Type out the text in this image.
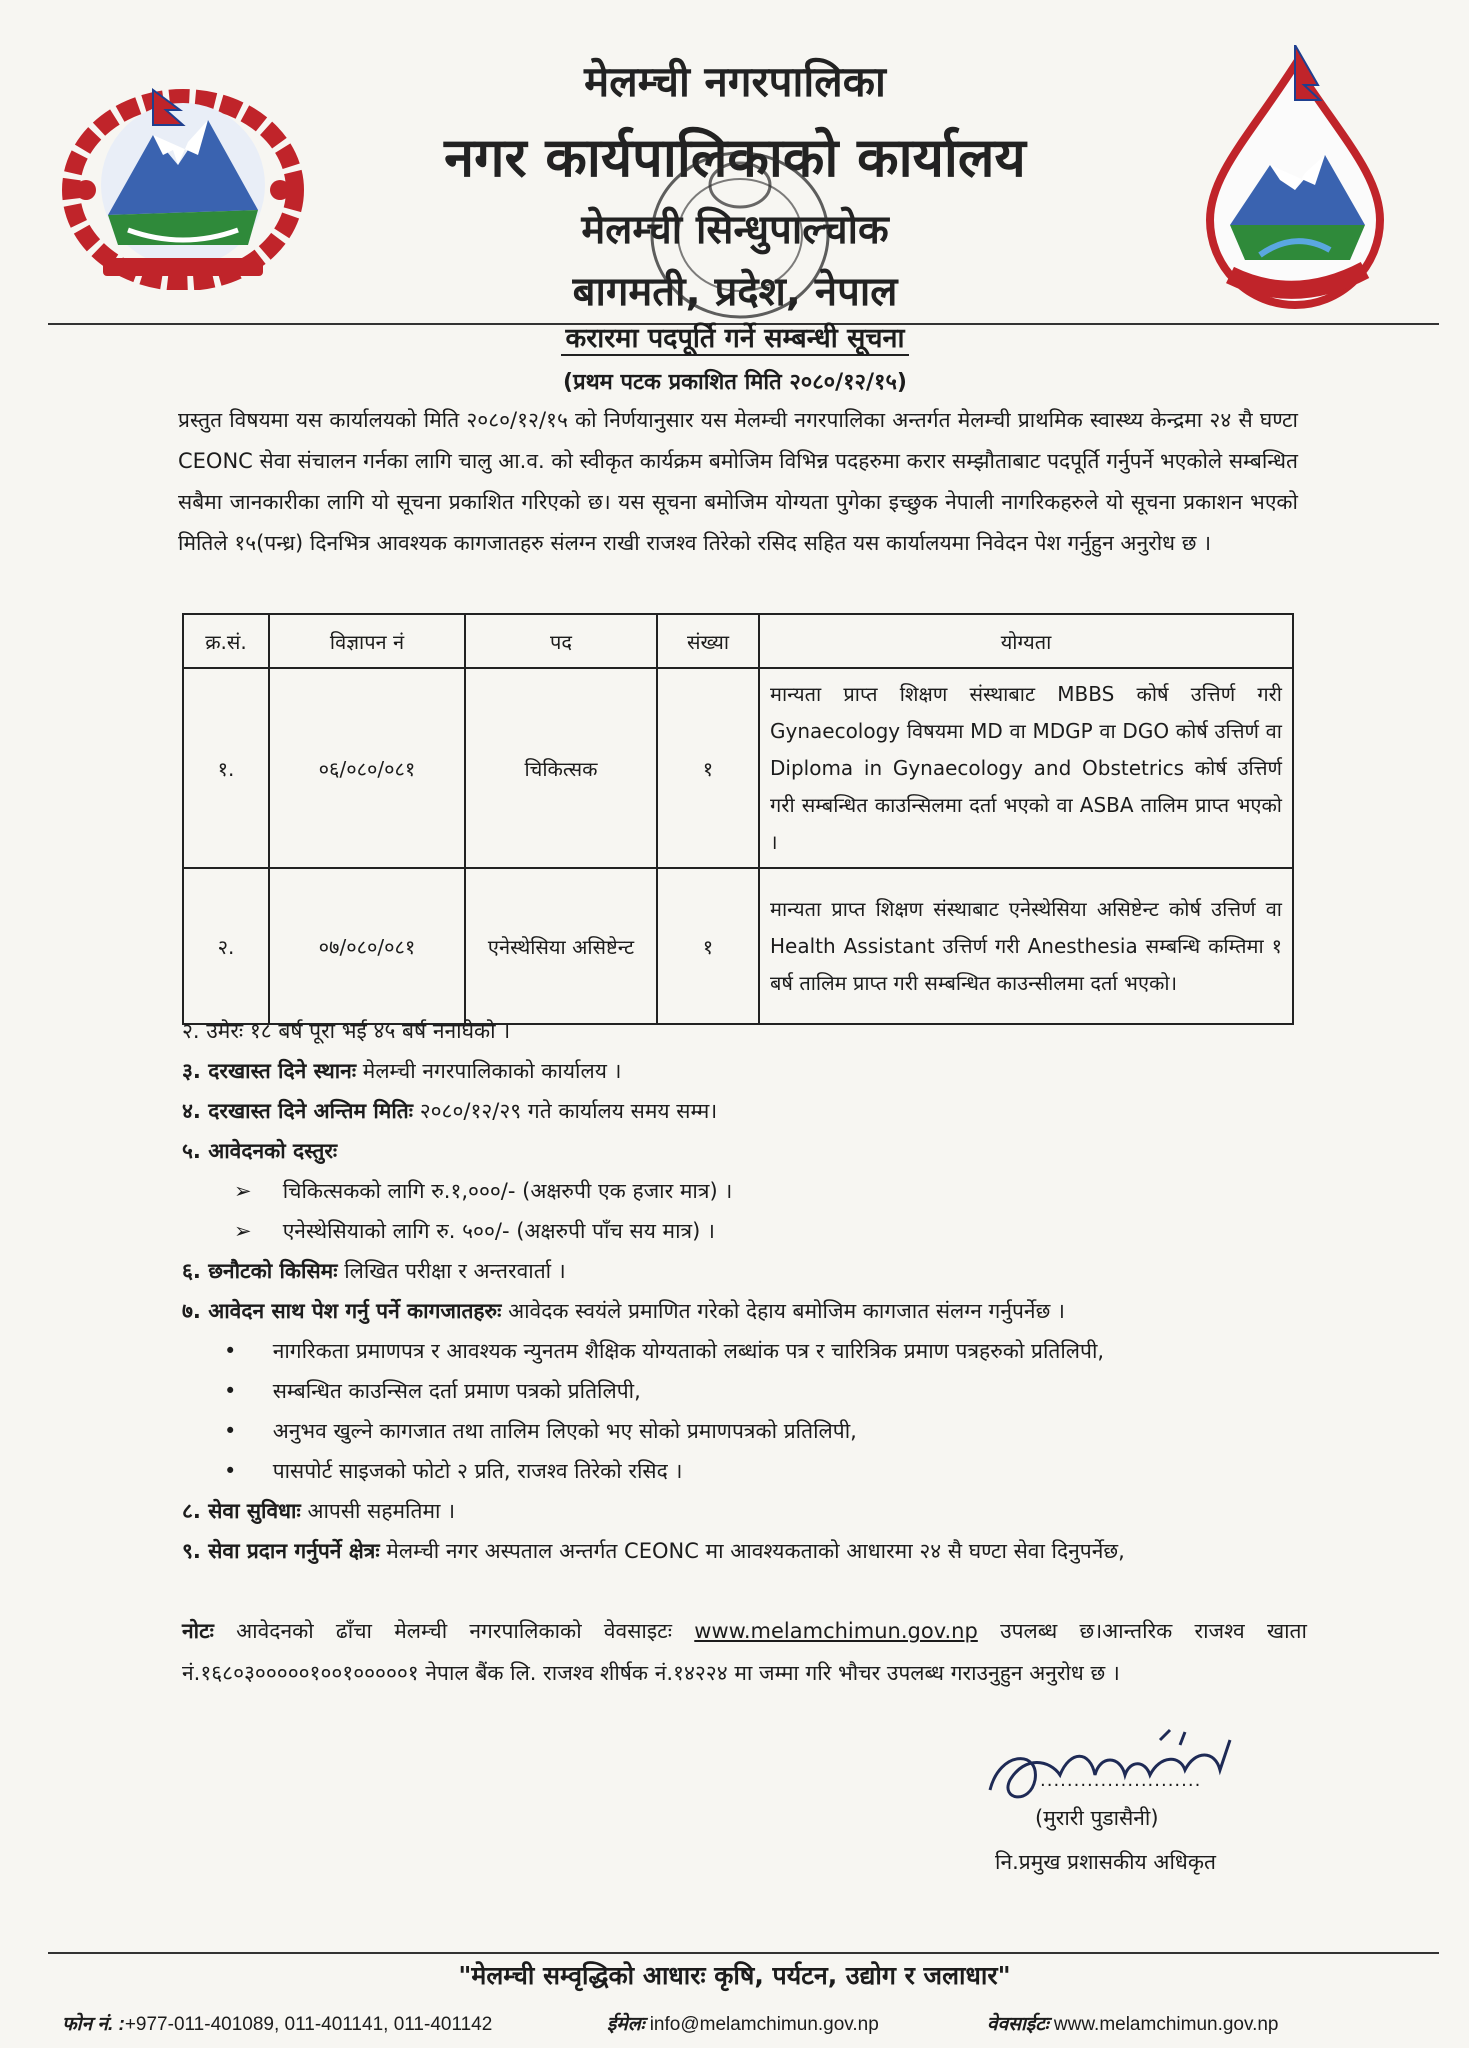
मेलम्ची नगरपालिका
नगर कार्यपालिकाको कार्यालय
मेलम्ची सिन्धुपाल्चोक
बागमती, प्रदेश, नेपाल
करारमा पदपूर्ति गर्ने सम्बन्धी सूचना
(प्रथम पटक प्रकाशित मिति २०८०/१२/१५)
प्रस्तुत विषयमा यस कार्यालयको मिति २०८०/१२/१५ को निर्णयानुसार यस मेलम्ची नगरपालिका अन्तर्गत मेलम्ची प्राथमिक स्वास्थ्य केन्द्रमा २४ सै घण्टा CEONC सेवा संचालन गर्नका लागि चालु आ.व. को स्वीकृत कार्यक्रम बमोजिम विभिन्न पदहरुमा करार सम्झौताबाट पदपूर्ति गर्नुपर्ने भएकोले सम्बन्धित सबैमा जानकारीका लागि यो सूचना प्रकाशित गरिएको छ। यस सूचना बमोजिम योग्यता पुगेका इच्छुक नेपाली नागरिकहरुले यो सूचना प्रकाशन भएको मितिले १५(पन्ध्र) दिनभित्र आवश्यक कागजातहरु संलग्न राखी राजश्व तिरेको रसिद सहित यस कार्यालयमा निवेदन पेश गर्नुहुन अनुरोध छ ।
क्र.सं.	विज्ञापन नं	पद	संख्या	योग्यता
१.	०६/०८०/०८१	चिकित्सक	१	मान्यता प्राप्त शिक्षण संस्थाबाट MBBS कोर्ष उत्तिर्ण गरी Gynaecology विषयमा MD वा MDGP वा DGO कोर्ष उत्तिर्ण वा Diploma in Gynaecology and Obstetrics कोर्ष उत्तिर्ण गरी सम्बन्धित काउन्सिलमा दर्ता भएको वा ASBA तालिम प्राप्त भएको ।
२.	०७/०८०/०८१	एनेस्थेसिया असिष्टेन्ट	१	मान्यता प्राप्त शिक्षण संस्थाबाट एनेस्थेसिया असिष्टेन्ट कोर्ष उत्तिर्ण वा Health Assistant उत्तिर्ण गरी Anesthesia सम्बन्धि कम्तिमा १ बर्ष तालिम प्राप्त गरी सम्बन्धित काउन्सीलमा दर्ता भएको।
२. उमेरः १८ बर्ष पूरा भई ४५ बर्ष ननाघेको ।
३. दरखास्त दिने स्थानः मेलम्ची नगरपालिकाको कार्यालय ।
४. दरखास्त दिने अन्तिम मितिः २०८०/१२/२९ गते कार्यालय समय सम्म।
५. आवेदनको दस्तुरः
➢ चिकित्सकको लागि रु.१,०००/- (अक्षरुपी एक हजार मात्र) ।
➢ एनेस्थेसियाको लागि रु. ५००/- (अक्षरुपी पाँच सय मात्र) ।
६. छनौटको किसिमः लिखित परीक्षा र अन्तरवार्ता ।
७. आवेदन साथ पेश गर्नु पर्ने कागजातहरुः आवेदक स्वयंले प्रमाणित गरेको देहाय बमोजिम कागजात संलग्न गर्नुपर्नेछ ।
• नागरिकता प्रमाणपत्र र आवश्यक न्युनतम शैक्षिक योग्यताको लब्धांक पत्र र चारित्रिक प्रमाण पत्रहरुको प्रतिलिपी,
• सम्बन्धित काउन्सिल दर्ता प्रमाण पत्रको प्रतिलिपी,
• अनुभव खुल्ने कागजात तथा तालिम लिएको भए सोको प्रमाणपत्रको प्रतिलिपी,
• पासपोर्ट साइजको फोटो २ प्रति, राजश्व तिरेको रसिद ।
८. सेवा सुविधाः आपसी सहमतिमा ।
९. सेवा प्रदान गर्नुपर्ने क्षेत्रः मेलम्ची नगर अस्पताल अन्तर्गत CEONC मा आवश्यकताको आधारमा २४ सै घण्टा सेवा दिनुपर्नेछ,
नोटः आवेदनको ढाँचा मेलम्ची नगरपालिकाको वेवसाइटः www.melamchimun.gov.np उपलब्ध छ।आन्तरिक राजश्व खाता नं.१६८०३०००००१००१०००००१ नेपाल बैंक लि. राजश्व शीर्षक नं.१४२२४ मा जम्मा गरि भौचर उपलब्ध गराउनुहुन अनुरोध छ ।
........................
(मुरारी पुडासैनी)
नि.प्रमुख प्रशासकीय अधिकृत
"मेलम्ची सम्वृद्धिको आधारः कृषि, पर्यटन, उद्योग र जलाधार"
फोन नं. :+977-011-401089, 011-401141, 011-401142	ईमेलः info@melamchimun.gov.np	वेवसाईटः www.melamchimun.gov.np
